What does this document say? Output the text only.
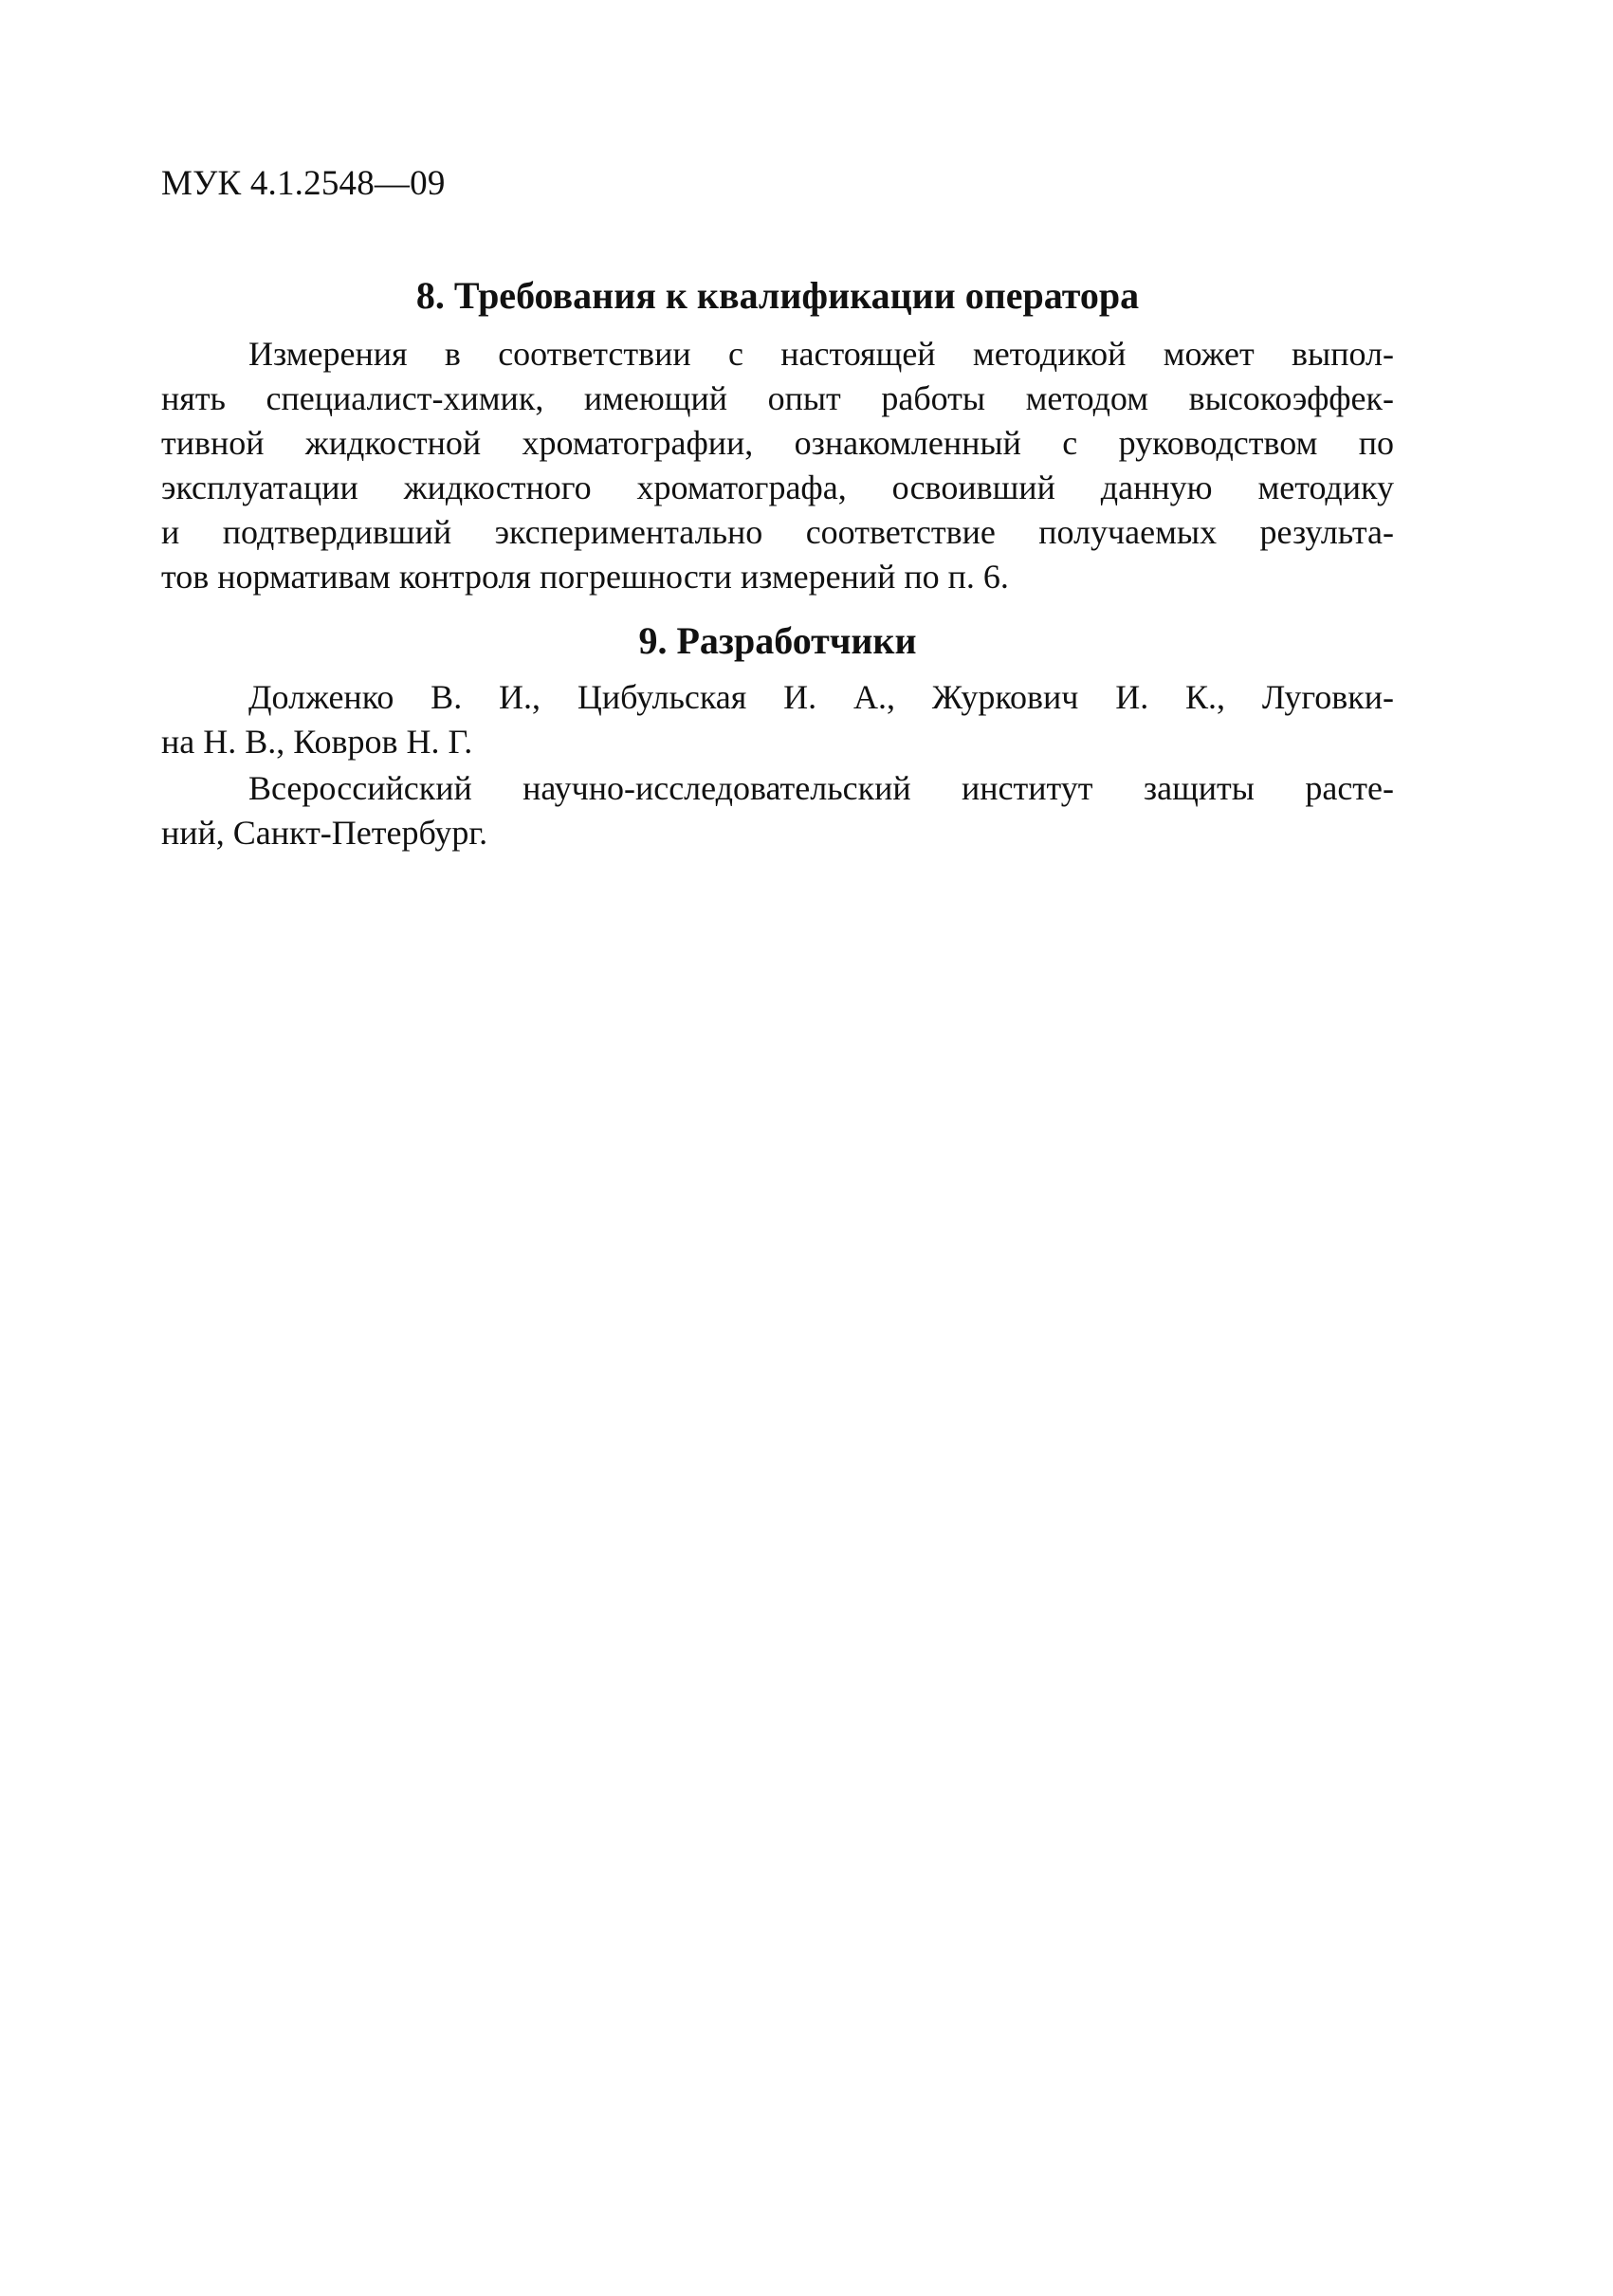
МУК 4.1.2548—09
8. Требования к квалификации оператора

Измерения в соответствии с настоящей методикой может выпол-
нять специалист-химик, имеющий опыт работы методом высокоэффек-
тивной жидкостной хроматографии, ознакомленный с руководством по
эксплуатации жидкостного хроматографа, освоивший данную методику
и подтвердивший экспериментально соответствие получаемых результа-
тов нормативам контроля погрешности измерений по п. 6.

9. Разработчики

Долженко В. И., Цибульская И. А., Журкович И. К., Луговки-
на Н. В., Ковров Н. Г.

Всероссийский научно-исследовательский институт защиты расте-
ний, Санкт-Петербург.
